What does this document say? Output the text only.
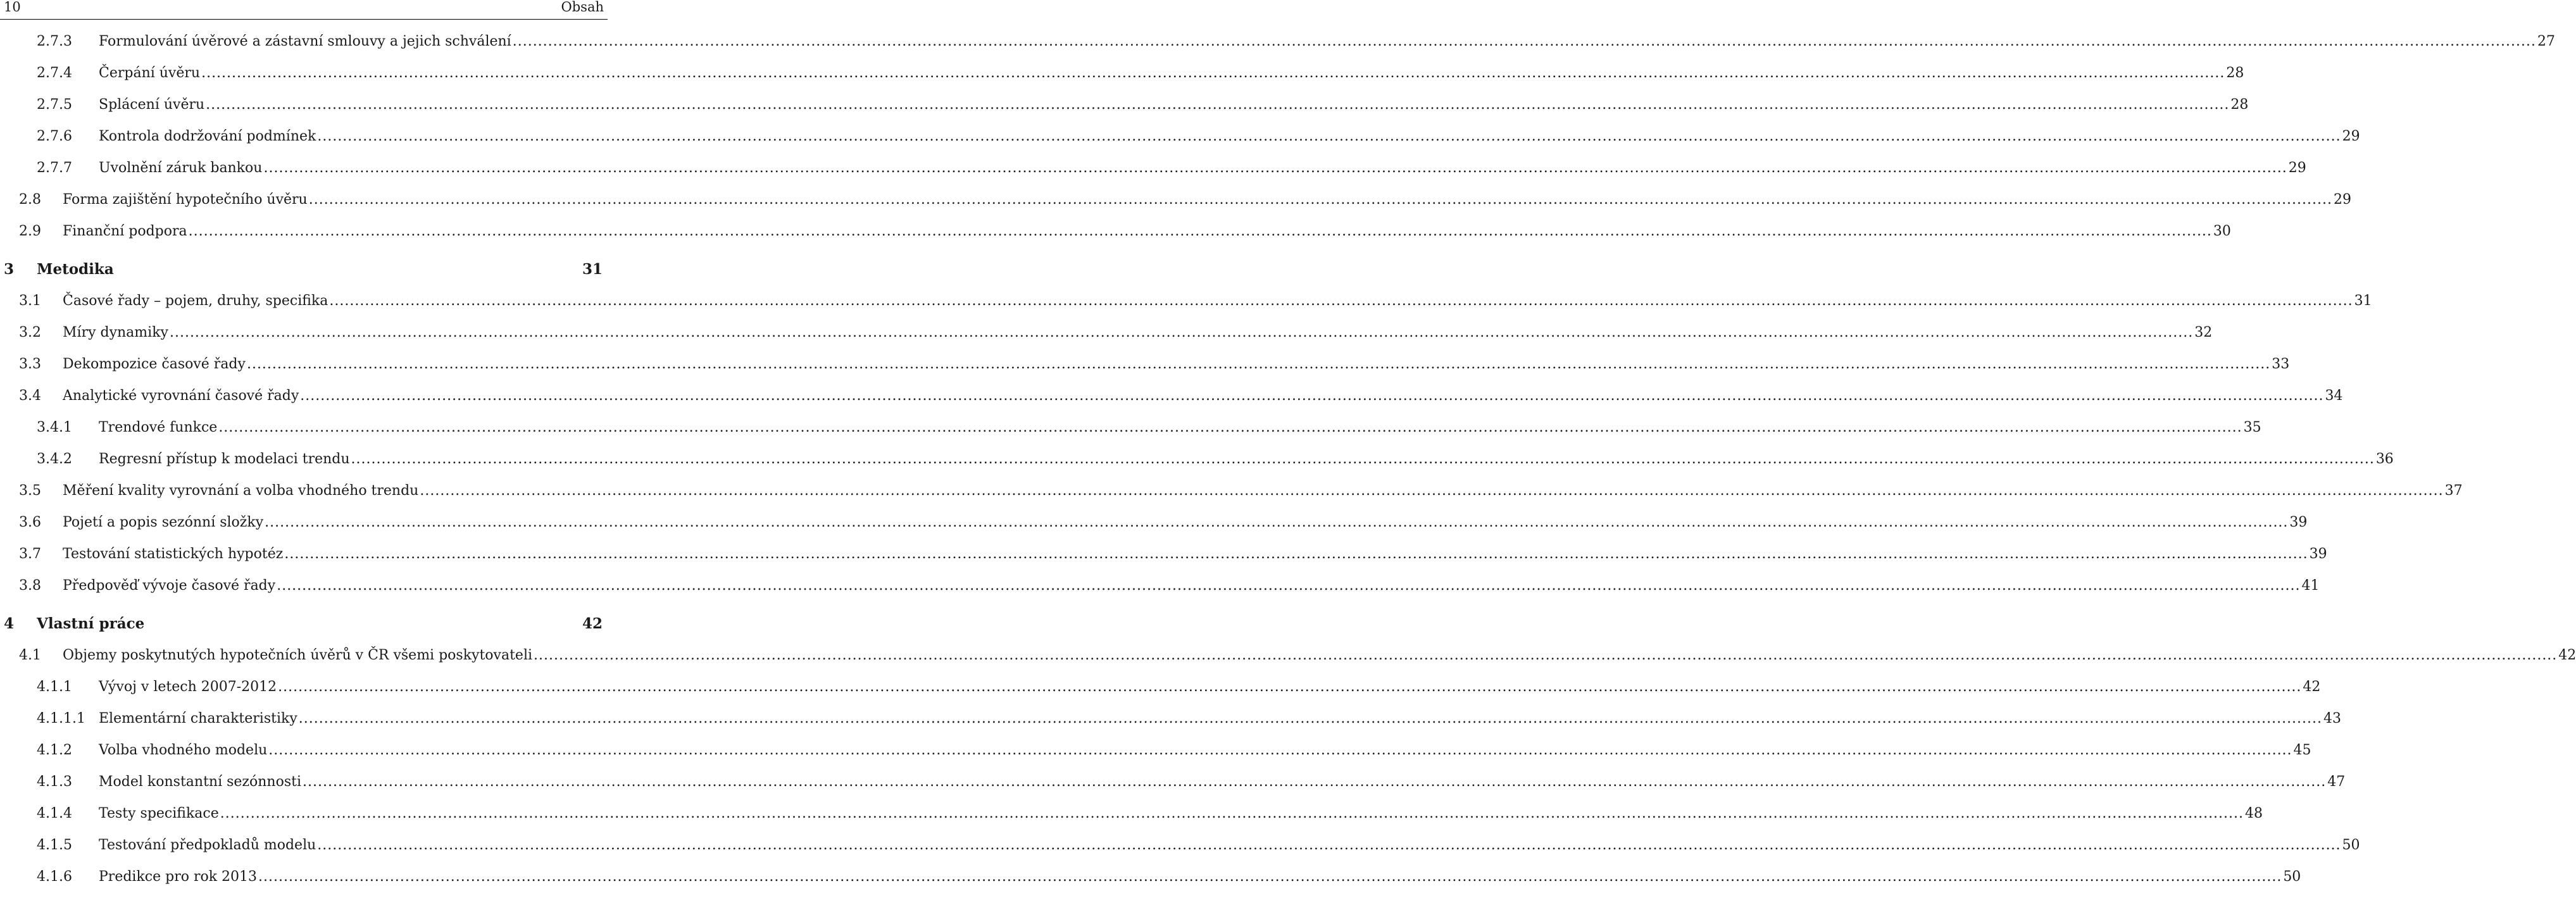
10	Obsah
2.7.3 Formulování úvěrové a zástavní smlouvy a jejich schválení ................................................................................................................................................................................................................................................................................................................................................................................................................ 27
2.7.4 Čerpání úvěru ................................................................................................................................................................................................................................................................................................................................................................................................................ 28
2.7.5 Splácení úvěru ................................................................................................................................................................................................................................................................................................................................................................................................................ 28
2.7.6 Kontrola dodržování podmínek ................................................................................................................................................................................................................................................................................................................................................................................................................ 29
2.7.7 Uvolnění záruk bankou ................................................................................................................................................................................................................................................................................................................................................................................................................ 29
2.8 Forma zajištění hypotečního úvěru ................................................................................................................................................................................................................................................................................................................................................................................................................ 29
2.9 Finanční podpora ................................................................................................................................................................................................................................................................................................................................................................................................................ 30
3 Metodika	31
3.1 Časové řady – pojem, druhy, specifika ................................................................................................................................................................................................................................................................................................................................................................................................................ 31
3.2 Míry dynamiky ................................................................................................................................................................................................................................................................................................................................................................................................................ 32
3.3 Dekompozice časové řady ................................................................................................................................................................................................................................................................................................................................................................................................................ 33
3.4 Analytické vyrovnání časové řady ................................................................................................................................................................................................................................................................................................................................................................................................................ 34
3.4.1 Trendové funkce ................................................................................................................................................................................................................................................................................................................................................................................................................ 35
3.4.2 Regresní přístup k modelaci trendu ................................................................................................................................................................................................................................................................................................................................................................................................................ 36
3.5 Měření kvality vyrovnání a volba vhodného trendu ................................................................................................................................................................................................................................................................................................................................................................................................................ 37
3.6 Pojetí a popis sezónní složky ................................................................................................................................................................................................................................................................................................................................................................................................................ 39
3.7 Testování statistických hypotéz ................................................................................................................................................................................................................................................................................................................................................................................................................ 39
3.8 Předpověď vývoje časové řady ................................................................................................................................................................................................................................................................................................................................................................................................................ 41
4 Vlastní práce	42
4.1 Objemy poskytnutých hypotečních úvěrů v ČR všemi poskytovateli ................................................................................................................................................................................................................................................................................................................................................................................................................ 42
4.1.1 Vývoj v letech 2007-2012 ................................................................................................................................................................................................................................................................................................................................................................................................................ 42
4.1.1.1 Elementární charakteristiky ................................................................................................................................................................................................................................................................................................................................................................................................................ 43
4.1.2 Volba vhodného modelu ................................................................................................................................................................................................................................................................................................................................................................................................................ 45
4.1.3 Model konstantní sezónnosti ................................................................................................................................................................................................................................................................................................................................................................................................................ 47
4.1.4 Testy specifikace ................................................................................................................................................................................................................................................................................................................................................................................................................ 48
4.1.5 Testování předpokladů modelu ................................................................................................................................................................................................................................................................................................................................................................................................................ 50
4.1.6 Predikce pro rok 2013 ................................................................................................................................................................................................................................................................................................................................................................................................................ 50
